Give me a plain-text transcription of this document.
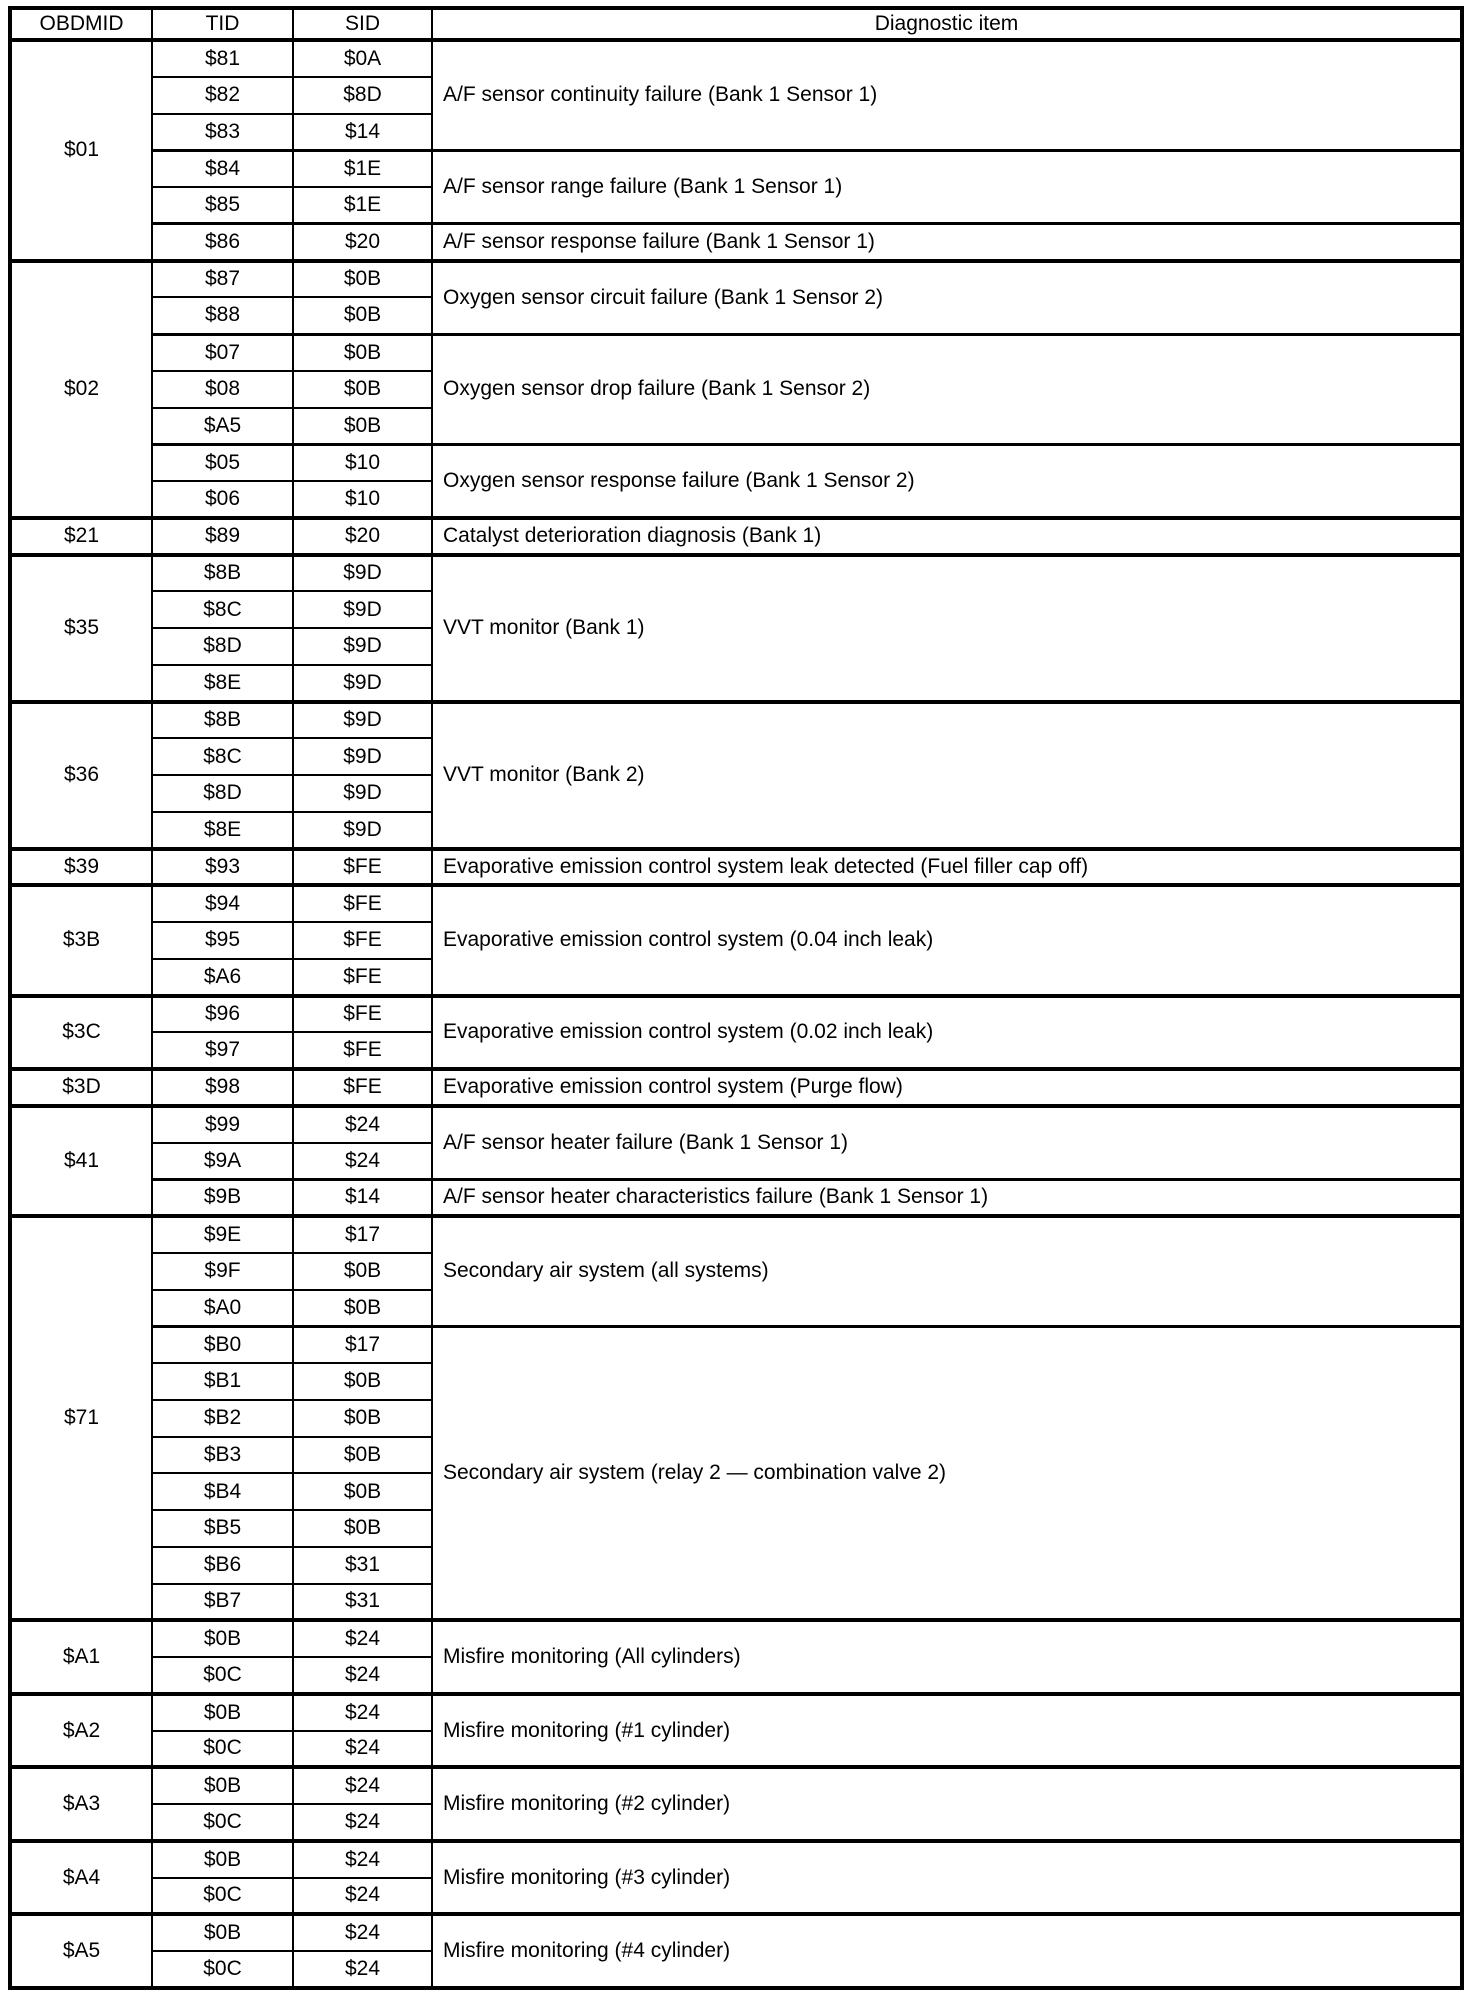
OBDMID	TID	SID	Diagnostic item
$01	$81	$0A	A/F sensor continuity failure (Bank 1 Sensor 1)
	$82	$8D	
	$83	$14	
	$84	$1E	A/F sensor range failure (Bank 1 Sensor 1)
	$85	$1E	
	$86	$20	A/F sensor response failure (Bank 1 Sensor 1)
$02	$87	$0B	Oxygen sensor circuit failure (Bank 1 Sensor 2)
	$88	$0B	
	$07	$0B	Oxygen sensor drop failure (Bank 1 Sensor 2)
	$08	$0B	
	$A5	$0B	
	$05	$10	Oxygen sensor response failure (Bank 1 Sensor 2)
	$06	$10	
$21	$89	$20	Catalyst deterioration diagnosis (Bank 1)
$35	$8B	$9D	VVT monitor (Bank 1)
	$8C	$9D	
	$8D	$9D	
	$8E	$9D	
$36	$8B	$9D	VVT monitor (Bank 2)
	$8C	$9D	
	$8D	$9D	
	$8E	$9D	
$39	$93	$FE	Evaporative emission control system leak detected (Fuel filler cap off)
$3B	$94	$FE	Evaporative emission control system (0.04 inch leak)
	$95	$FE	
	$A6	$FE	
$3C	$96	$FE	Evaporative emission control system (0.02 inch leak)
	$97	$FE	
$3D	$98	$FE	Evaporative emission control system (Purge flow)
$41	$99	$24	A/F sensor heater failure (Bank 1 Sensor 1)
	$9A	$24	
	$9B	$14	A/F sensor heater characteristics failure (Bank 1 Sensor 1)
$71	$9E	$17	Secondary air system (all systems)
	$9F	$0B	
	$A0	$0B	
	$B0	$17	Secondary air system (relay 2 — combination valve 2)
	$B1	$0B	
	$B2	$0B	
	$B3	$0B	
	$B4	$0B	
	$B5	$0B	
	$B6	$31	
	$B7	$31	
$A1	$0B	$24	Misfire monitoring (All cylinders)
	$0C	$24	
$A2	$0B	$24	Misfire monitoring (#1 cylinder)
	$0C	$24	
$A3	$0B	$24	Misfire monitoring (#2 cylinder)
	$0C	$24	
$A4	$0B	$24	Misfire monitoring (#3 cylinder)
	$0C	$24	
$A5	$0B	$24	Misfire monitoring (#4 cylinder)
	$0C	$24	
